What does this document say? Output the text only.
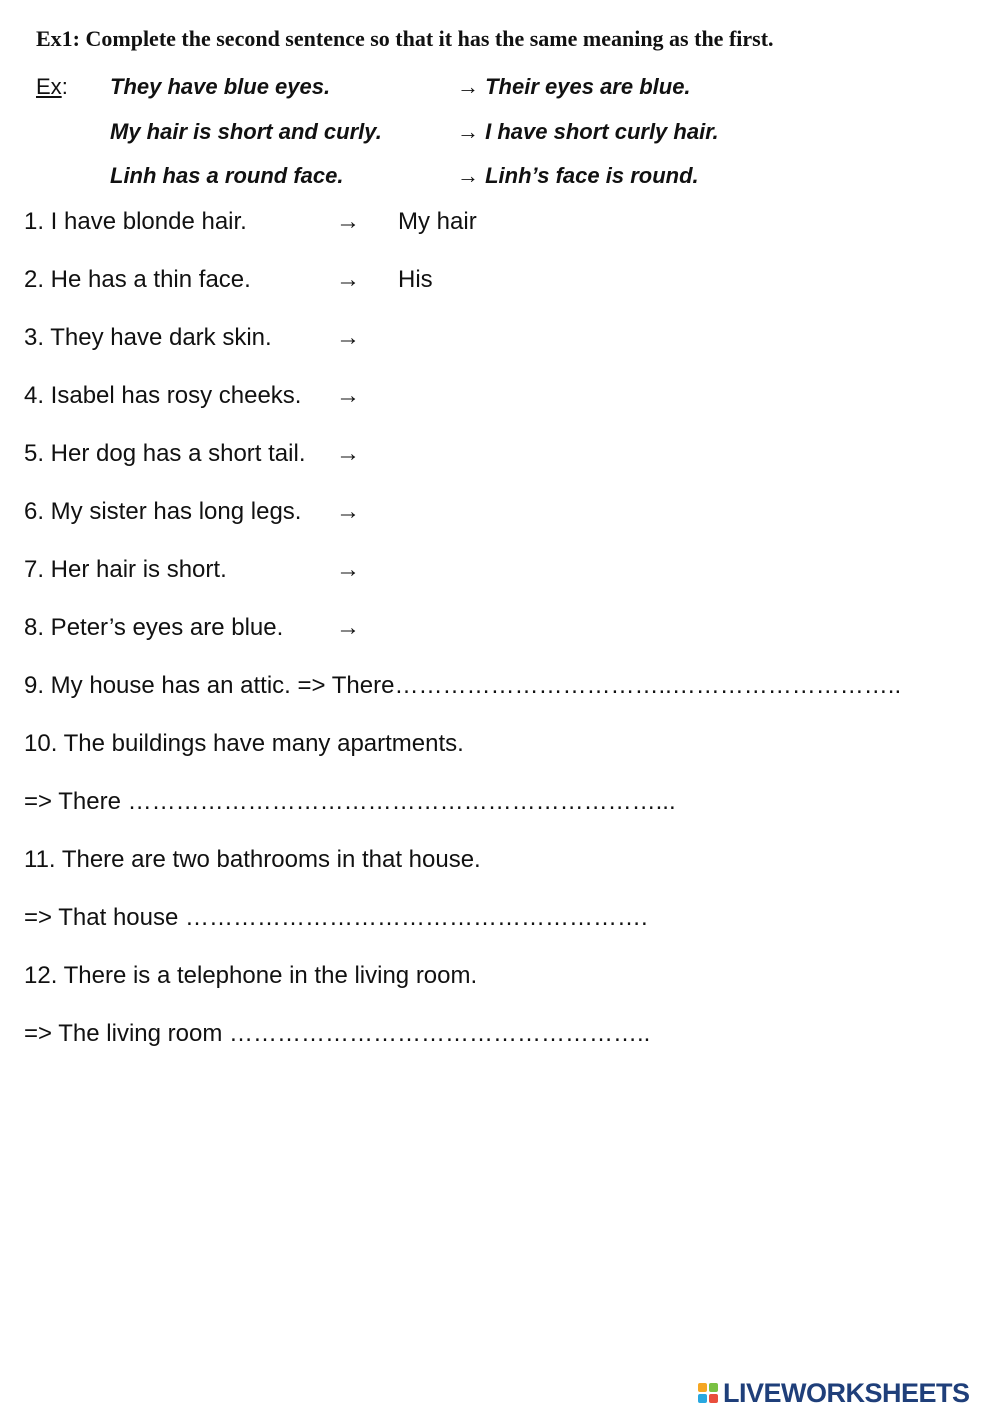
Ex1: Complete the second sentence so that it has the same meaning as the first.
Ex: They have blue eyes.	→ Their eyes are blue.
My hair is short and curly.	→ I have short curly hair.
Linh has a round face.	→ Linh’s face is round.
1. I have blonde hair.	→ My hair
2. He has a thin face.	→ His
3. They have dark skin.	→
4. Isabel has rosy cheeks. →
5. Her dog has a short tail. →
6. My sister has long legs. →
7. Her hair is short.	→
8. Peter’s eyes are blue. →
9. My house has an attic. => There……………………………..………………………..
10. The buildings have many apartments.
=> There …………………………………………………………...
11. There are two bathrooms in that house.
=> That house ………………………………………………….
12. There is a telephone in the living room.
=> The living room ……………………………………………..
LIVEWORKSHEETS
